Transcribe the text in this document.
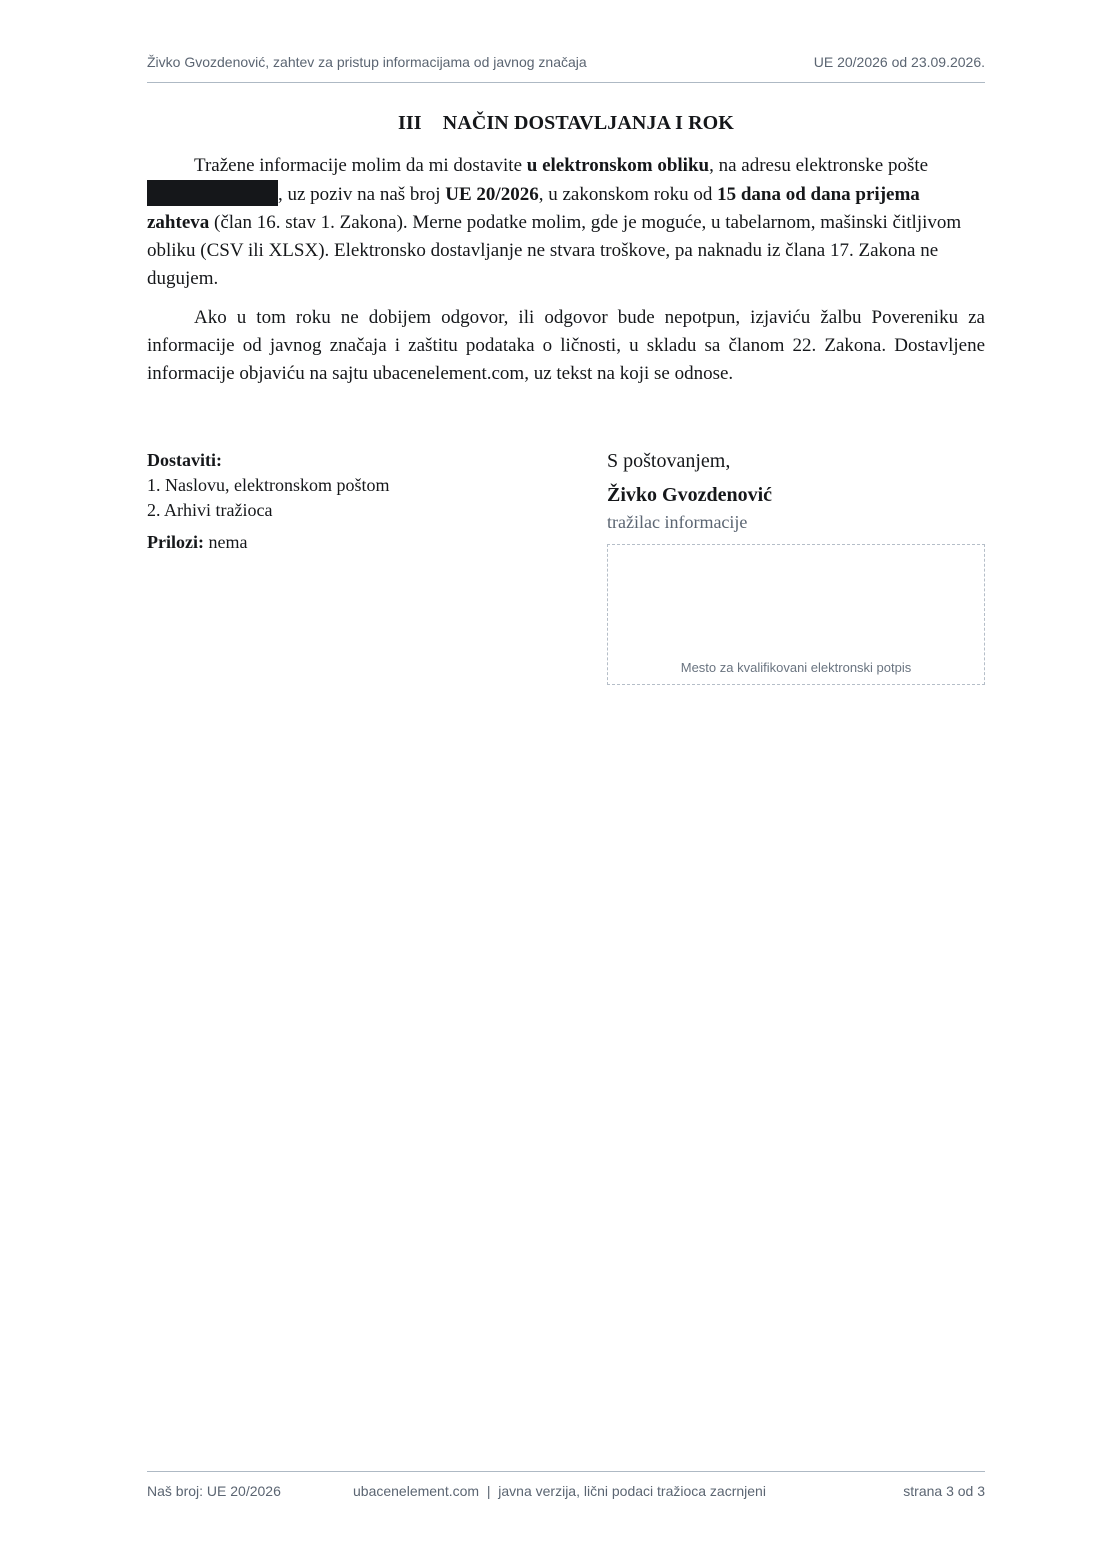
Živko Gvozdenović, zahtev za pristup informacijama od javnog značaja	UE 20/2026 od 23.09.2026.
III NAČIN DOSTAVLJANJA I ROK

Tražene informacije molim da mi dostavite u elektronskom obliku, na adresu elektronske pošte
, uz poziv na naš broj UE 20/2026, u zakonskom roku od 15 dana od dana prijema zahteva (član 16. stav 1. Zakona). Merne podatke molim, gde je moguće, u tabelarnom, mašinski čitljivom obliku (CSV ili XLSX). Elektronsko dostavljanje ne stvara troškove, pa naknadu iz člana 17. Zakona ne dugujem.

Ako u tom roku ne dobijem odgovor, ili odgovor bude nepotpun, izjaviću žalbu Povereniku za informacije od javnog značaja i zaštitu podataka o ličnosti, u skladu sa članom 22. Zakona. Dostavljene informacije objaviću na sajtu ubacenelement.com, uz tekst na koji se odnose.

Dostaviti:
1. Naslovu, elektronskom poštom
2. Arhivi tražioca
Prilozi: nema
S poštovanjem,
Živko Gvozdenović
tražilac informacije
Mesto za kvalifikovani elektronski potpis
Naš broj: UE 20/2026	ubacenelement.com  |  javna verzija, lični podaci tražioca zacrnjeni	strana 3 od 3
